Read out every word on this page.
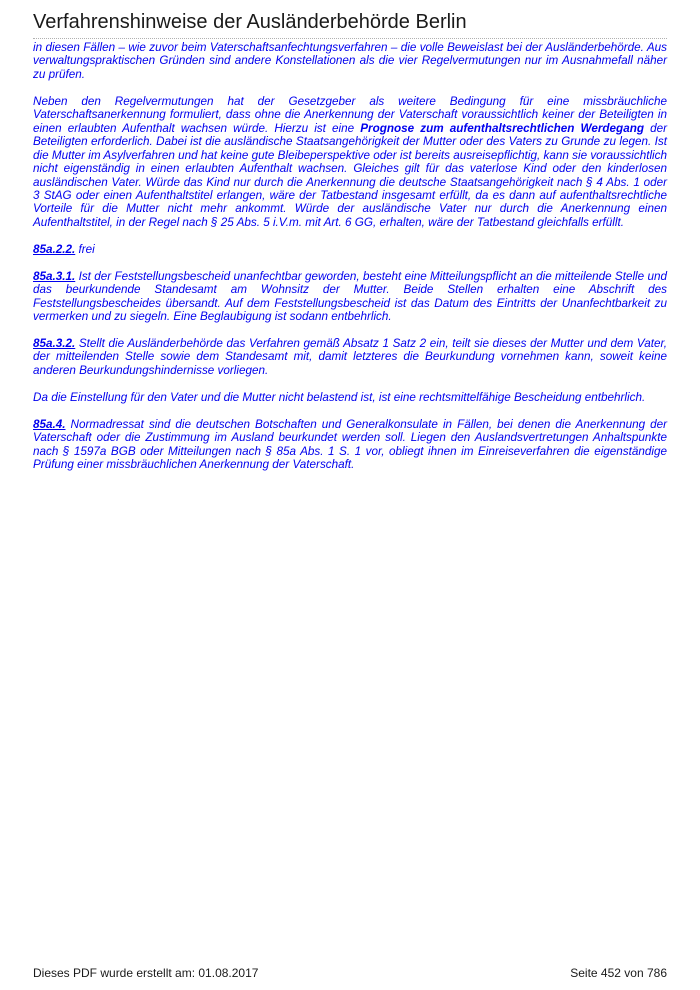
Verfahrenshinweise der Ausländerbehörde Berlin

in diesen Fällen – wie zuvor beim Vaterschaftsanfechtungsverfahren – die volle Beweislast bei der Ausländerbehörde. Aus verwaltungspraktischen Gründen sind andere Konstellationen als die vier Regelvermutungen nur im Ausnahmefall näher zu prüfen.

Neben den Regelvermutungen hat der Gesetzgeber als weitere Bedingung für eine missbräuchliche Vaterschaftsanerkennung formuliert, dass ohne die Anerkennung der Vaterschaft voraussichtlich keiner der Beteiligten in einen erlaubten Aufenthalt wachsen würde. Hierzu ist eine Prognose zum aufenthaltsrechtlichen Werdegang der Beteiligten erforderlich. Dabei ist die ausländische Staatsangehörigkeit der Mutter oder des Vaters zu Grunde zu legen. Ist die Mutter im Asylverfahren und hat keine gute Bleibeperspektive oder ist bereits ausreisepflichtig, kann sie voraussichtlich nicht eigenständig in einen erlaubten Aufenthalt wachsen. Gleiches gilt für das vaterlose Kind oder den kinderlosen ausländischen Vater. Würde das Kind nur durch die Anerkennung die deutsche Staatsangehörigkeit nach § 4 Abs. 1 oder 3 StAG oder einen Aufenthaltstitel erlangen, wäre der Tatbestand insgesamt erfüllt, da es dann auf aufenthaltsrechtliche Vorteile für die Mutter nicht mehr ankommt. Würde der ausländische Vater nur durch die Anerkennung einen Aufenthaltstitel, in der Regel nach § 25 Abs. 5 i.V.m. mit Art. 6 GG, erhalten, wäre der Tatbestand gleichfalls erfüllt.

85a.2.2. frei

85a.3.1. Ist der Feststellungsbescheid unanfechtbar geworden, besteht eine Mitteilungspflicht an die mitteilende Stelle und das beurkundende Standesamt am Wohnsitz der Mutter. Beide Stellen erhalten eine Abschrift des Feststellungsbescheides übersandt. Auf dem Feststellungsbescheid ist das Datum des Eintritts der Unanfechtbarkeit zu vermerken und zu siegeln. Eine Beglaubigung ist sodann entbehrlich.

85a.3.2. Stellt die Ausländerbehörde das Verfahren gemäß Absatz 1 Satz 2 ein, teilt sie dieses der Mutter und dem Vater, der mitteilenden Stelle sowie dem Standesamt mit, damit letzteres die Beurkundung vornehmen kann, soweit keine anderen Beurkundungshindernisse vorliegen.

Da die Einstellung für den Vater und die Mutter nicht belastend ist, ist eine rechtsmittelfähige Bescheidung entbehrlich.

85a.4. Normadressat sind die deutschen Botschaften und Generalkonsulate in Fällen, bei denen die Anerkennung der Vaterschaft oder die Zustimmung im Ausland beurkundet werden soll. Liegen den Auslandsvertretungen Anhaltspunkte nach § 1597a BGB oder Mitteilungen nach § 85a Abs. 1 S. 1 vor, obliegt ihnen im Einreiseverfahren die eigenständige Prüfung einer missbräuchlichen Anerkennung der Vaterschaft.

Dieses PDF wurde erstellt am: 01.08.2017	Seite 452 von 786
